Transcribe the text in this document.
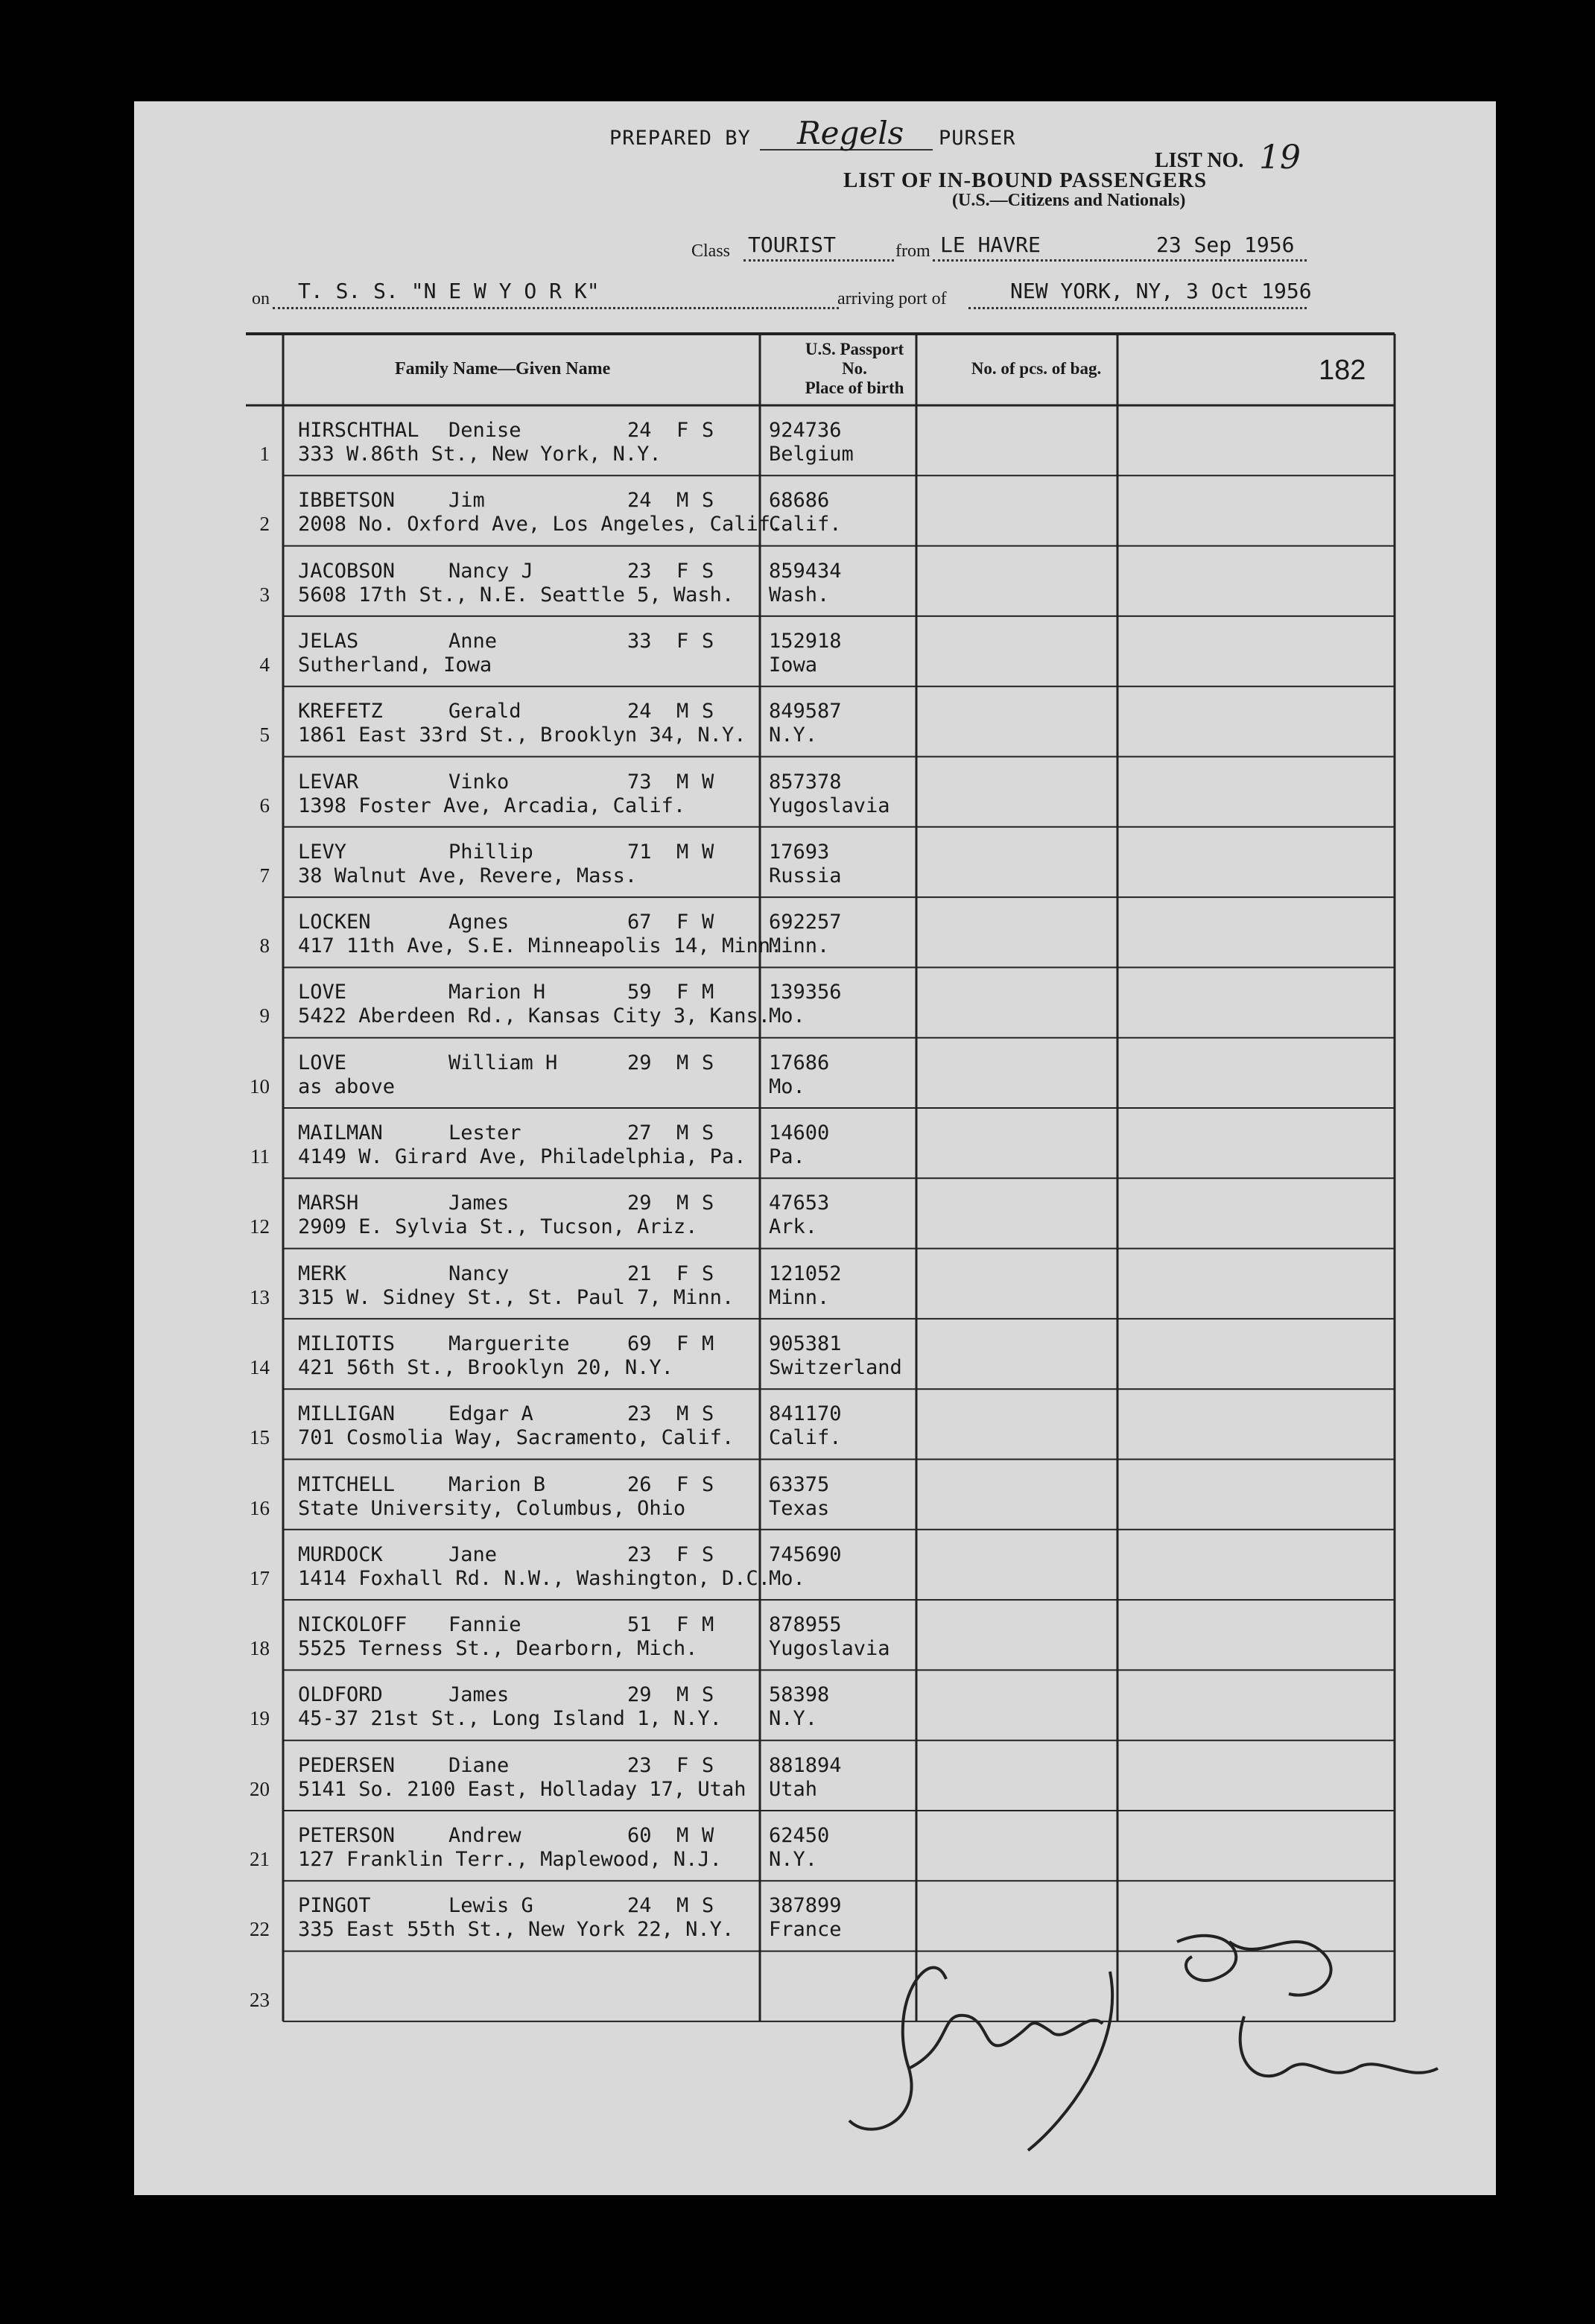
PREPARED BY Regels PURSER
LIST NO. 19
LIST OF IN-BOUND PASSENGERS
(U.S.—Citizens and Nationals)
Class TOURIST	from LE HAVRE	23 Sep 1956
on T. S. S. "N E W Y O R K"	arriving port of	NEW YORK, NY, 3 Oct 1956
Family Name—Given Name
U.S. Passport
No.
Place of birth
No. of pcs. of bag.	182
1
HIRSCHTHAL Denise	24 F S
333 W.86th St., New York, N.Y.
924736
Belgium
2
IBBETSON	Jim	24 M S
2008 No. Oxford Ave, Los Angeles, Calif.
68686
Calif.
3
JACOBSON	Nancy J	23 F S
5608 17th St., N.E. Seattle 5, Wash.
859434
Wash.
4
JELAS	Anne	33 F S
Sutherland, Iowa
152918
Iowa
5
KREFETZ	Gerald	24 M S
1861 East 33rd St., Brooklyn 34, N.Y.
849587
N.Y.
6
LEVAR	Vinko	73 M W
1398 Foster Ave, Arcadia, Calif.
857378
Yugoslavia
7
LEVY	Phillip	71 M W
38 Walnut Ave, Revere, Mass.
17693
Russia
8
LOCKEN	Agnes	67 F W
417 11th Ave, S.E. Minneapolis 14, Minn.
692257
Minn.
9
LOVE	Marion H	59 F M
5422 Aberdeen Rd., Kansas City 3, Kans.
139356
Mo.
10
LOVE	William H	29 M S
as above
17686
Mo.
11
MAILMAN	Lester	27 M S
4149 W. Girard Ave, Philadelphia, Pa.
14600
Pa.
12
MARSH	James	29 M S
2909 E. Sylvia St., Tucson, Ariz.
47653
Ark.
13
MERK	Nancy	21 F S
315 W. Sidney St., St. Paul 7, Minn.
121052
Minn.
14
MILIOTIS	Marguerite	69 F M
421 56th St., Brooklyn 20, N.Y.
905381
Switzerland
15
MILLIGAN	Edgar A	23 M S
701 Cosmolia Way, Sacramento, Calif.
841170
Calif.
16
MITCHELL	Marion B	26 F S
State University, Columbus, Ohio
63375
Texas
17
MURDOCK	Jane	23 F S
1414 Foxhall Rd. N.W., Washington, D.C.
745690
Mo.
18
NICKOLOFF Fannie	51 F M
5525 Terness St., Dearborn, Mich.
878955
Yugoslavia
19
OLDFORD	James	29 M S
45-37 21st St., Long Island 1, N.Y.
58398
N.Y.
20
PEDERSEN	Diane	23 F S
5141 So. 2100 East, Holladay 17, Utah
881894
Utah
21
PETERSON	Andrew	60 M W
127 Franklin Terr., Maplewood, N.J.
62450
N.Y.
22
PINGOT	Lewis G	24 M S
335 East 55th St., New York 22, N.Y.
387899
France
23
